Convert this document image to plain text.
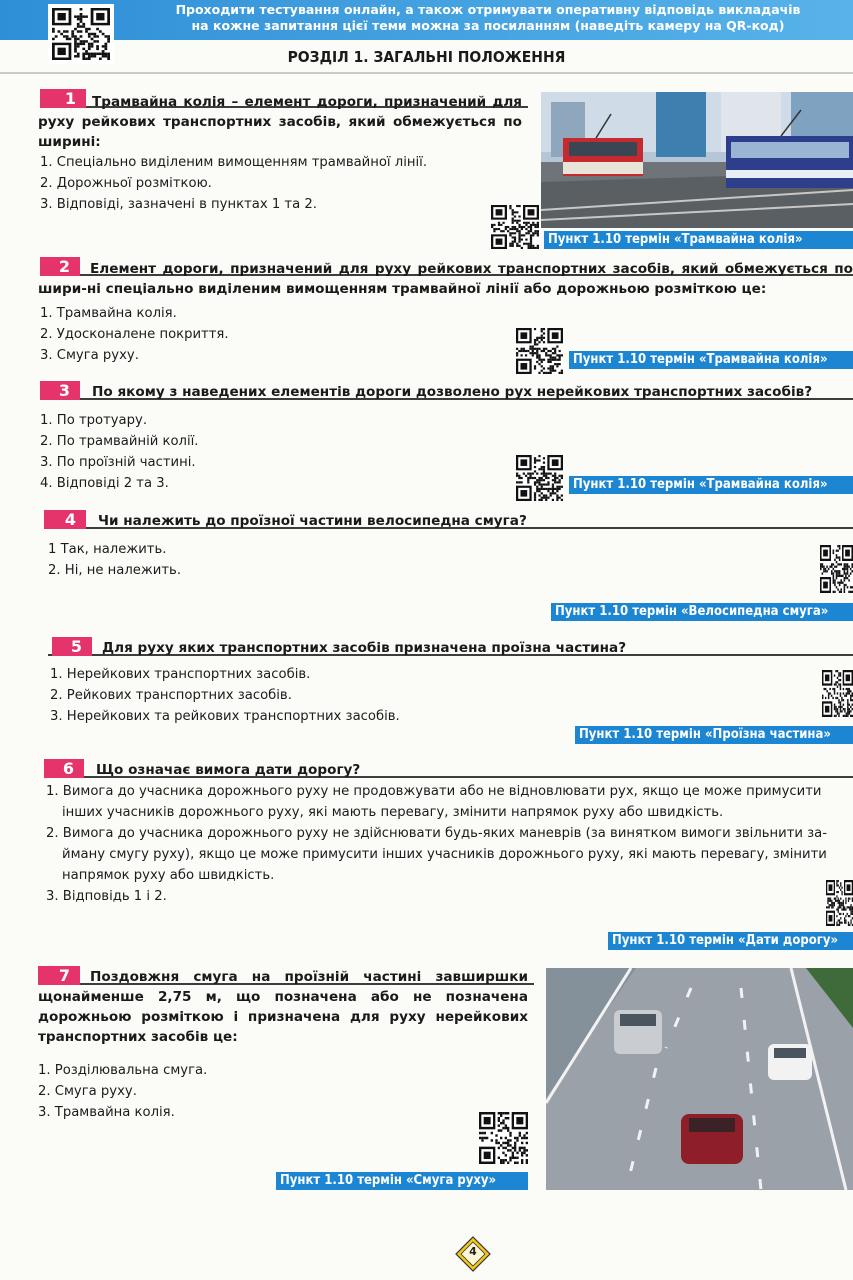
Проходити тестування онлайн, а також отримувати оперативну відповідь викладачів
на кожне запитання цієї теми можна за посиланням (наведіть камеру на QR-код)
РОЗДІЛ 1. ЗАГАЛЬНІ ПОЛОЖЕННЯ
1	Трамвайна колія – елемент дороги, призначений для руху рейкових транспортних засобів, який обмежується по ширині:
1. Спеціально виділеним вимощенням трамвайної лінії.
2. Дорожньої розміткою.
3. Відповіді, зазначені в пунктах 1 та 2.
Пункт 1.10 термін «Трамвайна колія»
2	Елемент дороги, призначений для руху рейкових транспортних засобів, який обмежується по шири-ні спеціально виділеним вимощенням трамвайної лінії або дорожньою розміткою це:
1. Трамвайна колія.
2. Удосконалене покриття.
3. Смуга руху.	Пункт 1.10 термін «Трамвайна колія»
3	По якому з наведених елементів дороги дозволено рух нерейкових транспортних засобів?
1. По тротуару.
2. По трамвайній колії.
3. По проїзній частині.
4. Відповіді 2 та 3.	Пункт 1.10 термін «Трамвайна колія»
4	Чи належить до проїзної частини велосипедна смуга?
1 Так, належить.
2. Ні, не належить.
Пункт 1.10 термін «Велосипедна смуга»
5	Для руху яких транспортних засобів призначена проїзна частина?
1. Нерейкових транспортних засобів.
2. Рейкових транспортних засобів.
3. Нерейкових та рейкових транспортних засобів.
Пункт 1.10 термін «Проїзна частина»
6	Що означає вимога дати дорогу?
1. Вимога до учасника дорожнього руху не продовжувати або не відновлювати рух, якщо це може примусити
інших учасників дорожнього руху, які мають перевагу, змінити напрямок руху або швидкість.
2. Вимога до учасника дорожнього руху не здійснювати будь-яких маневрів (за винятком вимоги звільнити за-
йману смугу руху), якщо це може примусити інших учасників дорожнього руху, які мають перевагу, змінити
напрямок руху або швидкість.
3. Відповідь 1 і 2.
Пункт 1.10 термін «Дати дорогу»
7	Поздовжня смуга на проїзній частині завширшки щонайменше 2,75 м, що позначена або не позначена дорожньою розміткою і призначена для руху нерейкових транспортних засобів це:
1. Розділювальна смуга.
2. Смуга руху.
3. Трамвайна колія.
Пункт 1.10 термін «Смуга руху»
4
